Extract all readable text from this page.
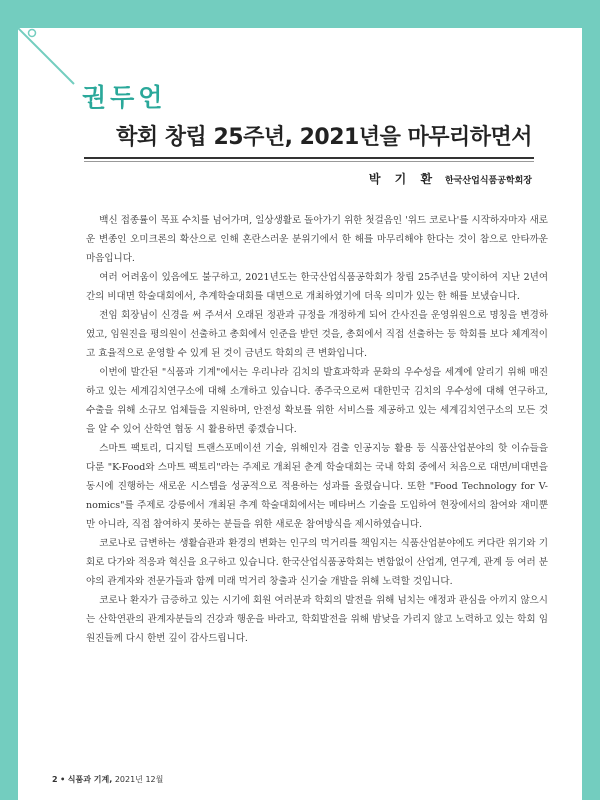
권두언
학회 창립 25주년, 2021년을 마무리하면서
박 기 환 한국산업식품공학회장

백신 접종률이 목표 수치를 넘어가며, 일상생활로 돌아가기 위한 첫걸음인 '위드 코로나'를 시작하자마자 새로운 변종인 오미크론의 확산으로 인해 혼란스러운 분위기에서 한 해를 마무리해야 한다는 것이 참으로 안타까운 마음입니다.

여러 어려움이 있음에도 불구하고, 2021년도는 한국산업식품공학회가 창립 25주년을 맞이하여 지난 2년여간의 비대면 학술대회에서, 추계학술대회를 대면으로 개최하였기에 더욱 의미가 있는 한 해를 보냈습니다.

전임 회장님이 신경을 써 주셔서 오래된 정관과 규정을 개정하게 되어 간사진을 운영위원으로 명칭을 변경하였고, 임원진을 평의원이 선출하고 총회에서 인준을 받던 것을, 총회에서 직접 선출하는 등 학회를 보다 체계적이고 효율적으로 운영할 수 있게 된 것이 금년도 학회의 큰 변화입니다.

이번에 발간된 "식품과 기계"에서는 우리나라 김치의 발효과학과 문화의 우수성을 세계에 알리기 위해 매진하고 있는 세계김치연구소에 대해 소개하고 있습니다. 종주국으로써 대한민국 김치의 우수성에 대해 연구하고, 수출을 위해 소규모 업체들을 지원하며, 안전성 확보를 위한 서비스를 제공하고 있는 세계김치연구소의 모든 것을 알 수 있어 산학연 협동 시 활용하면 좋겠습니다.

스마트 팩토리, 디지털 트랜스포메이션 기술, 위해인자 검출 인공지능 활용 등 식품산업분야의 핫 이슈들을 다룬 "K-Food와 스마트 팩토리"라는 주제로 개최된 춘계 학술대회는 국내 학회 중에서 처음으로 대면/비대면을 동시에 진행하는 새로운 시스템을 성공적으로 적용하는 성과를 올렸습니다. 또한 "Food Technology for V-nomics"를 주제로 강릉에서 개최된 추계 학술대회에서는 메타버스 기술을 도입하여 현장에서의 참여와 재미뿐만 아니라, 직접 참여하지 못하는 분들을 위한 새로운 참여방식을 제시하였습니다.

코로나로 급변하는 생활습관과 환경의 변화는 인구의 먹거리를 책임지는 식품산업분야에도 커다란 위기와 기회로 다가와 적응과 혁신을 요구하고 있습니다. 한국산업식품공학회는 변함없이 산업계, 연구계, 관계 등 여러 분야의 관계자와 전문가들과 함께 미래 먹거리 창출과 신기술 개발을 위해 노력할 것입니다.

코로나 환자가 급증하고 있는 시기에 회원 여러분과 학회의 발전을 위해 넘치는 애정과 관심을 아끼지 않으시는 산학연관의 관계자분들의 건강과 행운을 바라고, 학회발전을 위해 밤낮을 가리지 않고 노력하고 있는 학회 임원진들께 다시 한번 깊이 감사드립니다.

2 • 식품과 기계, 2021년 12월
